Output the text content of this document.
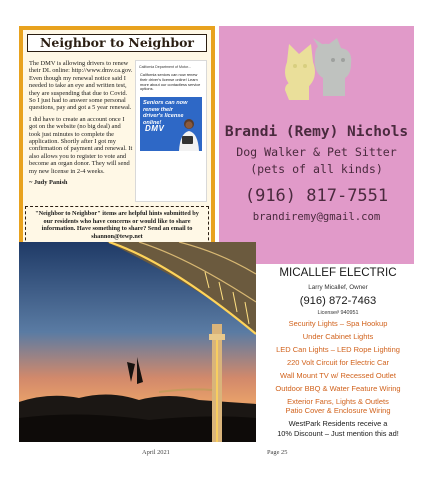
Neighbor to Neighbor

The DMV is allowing drivers to renew their DL online: http://www.dmv.ca.gov. Even though my renewal notice said I needed to take an eye and written test, they are suspending that due to Covid. So I just had to answer some personal questions, pay and got a 5 year renewal.

I did have to create an account once I got on the website (no big deal) and took just minutes to complete the application. Shortly after I got my confirmation of payment and renewal. It also allows you to register to vote and become an organ donor. They will send my new license in 2-4 weeks.

~ Judy Panish

California Department of Motor...
California seniors can now renew their driver's license online! Learn more about our contactless service options.
Seniors can now renew their driver's license online!
DMV
"Neighbor to Neighbor" items are helpful hints submitted by our residents who have concerns or would like to share information. Have something to share? Send an email to shannon@tewp.net
Brandi (Remy) Nichols
Dog Walker & Pet Sitter
(pets of all kinds)
(916) 817-7551
brandiremy@gmail.com
MICALLEF ELECTRIC
Larry Micallef, Owner
(916) 872-7463
License# 940951
Security Lights – Spa Hookup
Under Cabinet Lights
LED Can Lights – LED Rope Lighting
220 Volt Circuit for Electric Car
Wall Mount TV w/ Recessed Outlet
Outdoor BBQ & Water Feature Wiring
Exterior Fans, Lights & Outlets
Patio Cover & Enclosure Wiring
WestPark Residents receive a
10% Discount – Just mention this ad!
April 2021	Page 25
